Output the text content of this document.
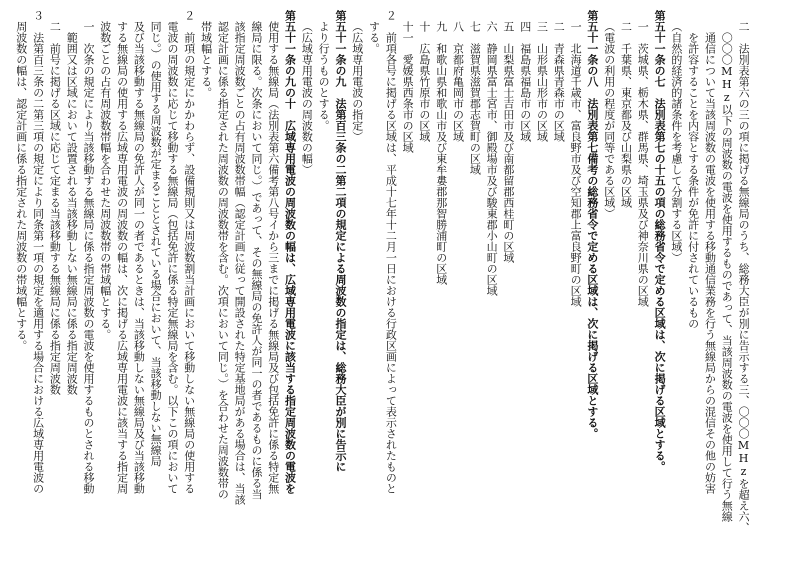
二　法別表第六の三の項に掲げる無線局のうち、総務大臣が別に告示する三、〇〇〇MHzを超え六、
〇〇〇MHz以下の周波数の電波を使用するものであって、当該周波数の電波を使用して行う無線
通信について当該周波数の電波を使用する移動通信業務を行う無線局からの混信その他の妨害
を許容することを内容とする条件が免許に付されているもの
（自然的経済的諸条件を考慮して分割する区域）
第五十一条の七　法別表第七の十五の項の総務省令で定める区域は、次に掲げる区域とする。
一　茨城県、栃木県、群馬県、埼玉県及び神奈川県の区域
二　千葉県、東京都及び山梨県の区域
（電波の利用の程度が同等である区域）
第五十一条の八　法別表第七備考の総務省令で定める区域は、次に掲げる区域とする。
一　北海道千歳市、富良野市及び空知郡上富良野町の区域
二　青森県青森市の区域
三　山形県山形市の区域
四　福島県福島市の区域
五　山梨県富士吉田市及び南都留郡西桂町の区域
六　静岡県富士宮市、御殿場市及び駿東郡小山町の区域
七　滋賀県滋賀郡志賀町の区域
八　京都府亀岡市の区域
九　和歌山県和歌山市及び東牟婁郡那智勝浦町の区域
十　広島県竹原市の区域
十一　愛媛県西条市の区域
２　前項各号に掲げる区域は、平成十七年十二月一日における行政区画によって表示されたものと
する。
（広域専用電波の指定）
第五十一条の九　法第百三条の二第二項の規定による周波数の指定は、総務大臣が別に告示に
より行うものとする。
（広域専用電波の周波数の幅）
第五十一条の九の十　広域専用電波の周波数の幅は、広域専用電波に該当する指定周波数の電波を
使用する無線局（法別表第六備考第八号イから三までに掲げる無線局及び包括免許に係る特定無
線局に限る。次条において同じ。）であって、その無線局の免許人が同一の者であるものに係る当
該指定周波数ごとの占有周波数帯幅（認定計画に従って開設された特定基地局がある場合は、当該
認定計画に係る指定された周波数の周波数帯を含む。次項において同じ。）を合わせた周波数帯の
帯域幅とする。
２　前項の規定にかかわらず、設備規則又は周波数割当計画において移動しない無線局の使用する
電波の周波数に応じて移動する無線局（包括免許に係る特定無線局を含む。以下この項において
同じ。）の使用する周波数が定まることとされている場合において、当該移動しない無線局
及び当該移動する無線局の免許人が同一の者であるときは、当該移動しない無線局及び当該移動
する無線局の使用する広域専用電波の周波数の幅は、次に掲げる広域専用電波に該当する指定周
波数ごとの占有周波数帯幅を合わせた周波数帯の帯域幅とする。
一　次条の規定により当該移動する無線局に係る指定周波数の電波を使用するものとされる移動
範囲又は区域において設置される当該移動しない無線局に係る指定周波数
二　前号に掲げる区域に応じて定まる当該移動する無線局に係る指定周波数
３　法第百三条の二第三項の規定により同条第一項の規定を適用する場合における広域専用電波の
周波数の幅は、認定計画に係る指定された周波数の帯域幅とする。
